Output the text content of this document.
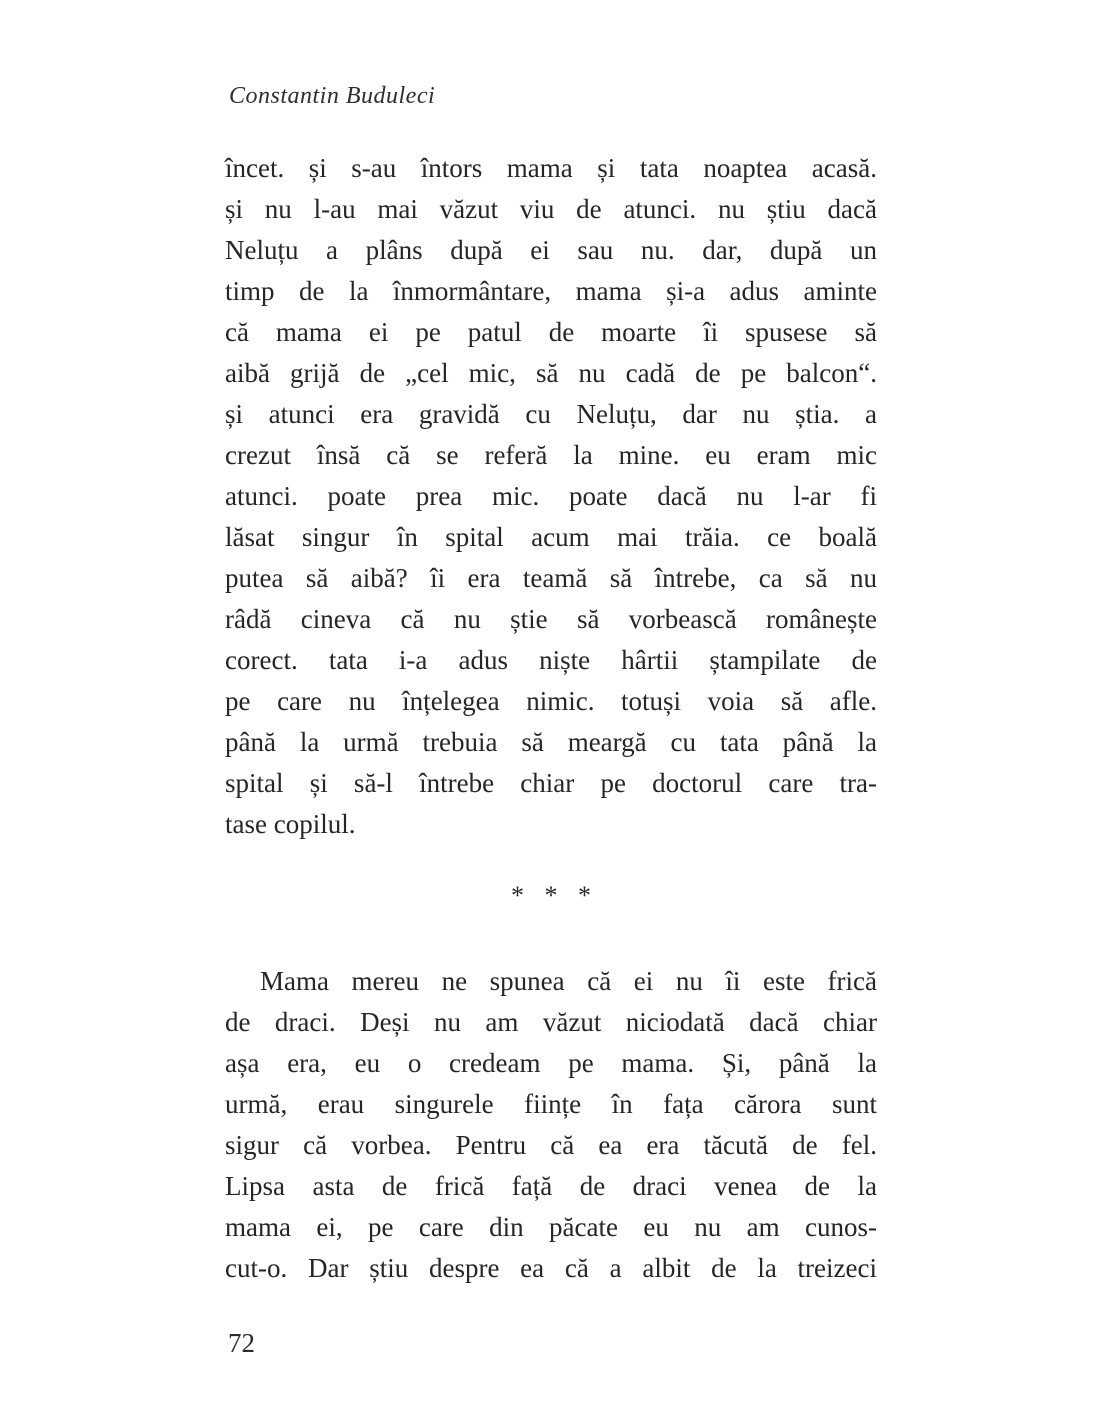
Constantin Buduleci
încet. și s-au întors mama și tata noaptea acasă.
și nu l-au mai văzut viu de atunci. nu știu dacă
Neluțu a plâns după ei sau nu. dar, după un
timp de la înmormântare, mama și-a adus aminte
că mama ei pe patul de moarte îi spusese să
aibă grijă de „cel mic, să nu cadă de pe balcon“.
și atunci era gravidă cu Neluțu, dar nu știa. a
crezut însă că se referă la mine. eu eram mic
atunci. poate prea mic. poate dacă nu l-ar fi
lăsat singur în spital acum mai trăia. ce boală
putea să aibă? îi era teamă să întrebe, ca să nu
râdă cineva că nu știe să vorbească românește
corect. tata i-a adus niște hârtii ștampilate de
pe care nu înțelegea nimic. totuși voia să afle.
până la urmă trebuia să meargă cu tata până la
spital și să-l întrebe chiar pe doctorul care tra-
tase copilul.
* * *
Mama mereu ne spunea că ei nu îi este frică
de draci. Deși nu am văzut niciodată dacă chiar
așa era, eu o credeam pe mama. Și, până la
urmă, erau singurele ființe în fața cărora sunt
sigur că vorbea. Pentru că ea era tăcută de fel.
Lipsa asta de frică față de draci venea de la
mama ei, pe care din păcate eu nu am cunos-
cut-o. Dar știu despre ea că a albit de la treizeci
72
